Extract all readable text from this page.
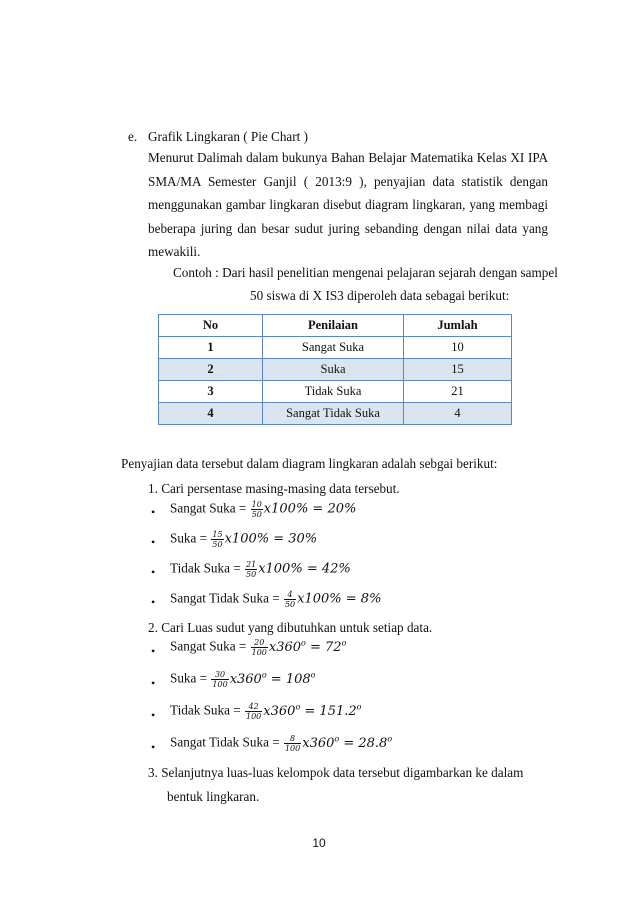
e. Grafik Lingkaran ( Pie Chart )
Menurut Dalimah dalam bukunya Bahan Belajar Matematika Kelas XI IPA SMA/MA Semester Ganjil ( 2013:9 ), penyajian data statistik dengan menggunakan gambar lingkaran disebut diagram lingkaran, yang membagi beberapa juring dan besar sudut juring sebanding dengan nilai data yang mewakili.
Contoh : Dari hasil penelitian mengenai pelajaran sejarah dengan sampel
50 siswa di X IS3 diperoleh data sebagai berikut:
No	Penilaian	Jumlah
1	Sangat Suka	10
2	Suka	15
3	Tidak Suka	21
4	Sangat Tidak Suka	4
Penyajian data tersebut dalam diagram lingkaran adalah sebgai berikut:
1. Cari persentase masing-masing data tersebut.
• Sangat Suka = $\frac{10}{50}$ 𝑥100% = 20%
• Suka = $\frac{15}{50}$ 𝑥100% = 30%
• Tidak Suka = $\frac{21}{50}$ 𝑥100% = 42%
• Sangat Tidak Suka = $\frac{4}{50}$ 𝑥100% = 8%
2. Cari Luas sudut yang dibutuhkan untuk setiap data.
• Sangat Suka = $\frac{20}{100}$ $𝑥360^𝑜 = 72^𝑜$
• Suka = $\frac{30}{100}$ $𝑥360^𝑜 = 108^𝑜$
• Tidak Suka = $\frac{42}{100}$ $𝑥360^𝑜 = 151.2^𝑜$
• Sangat Tidak Suka = $\frac{8}{100}$ $𝑥360^𝑜 = 28.8^𝑜$
3. Selanjutnya luas-luas kelompok data tersebut digambarkan ke dalam
bentuk lingkaran.
10
